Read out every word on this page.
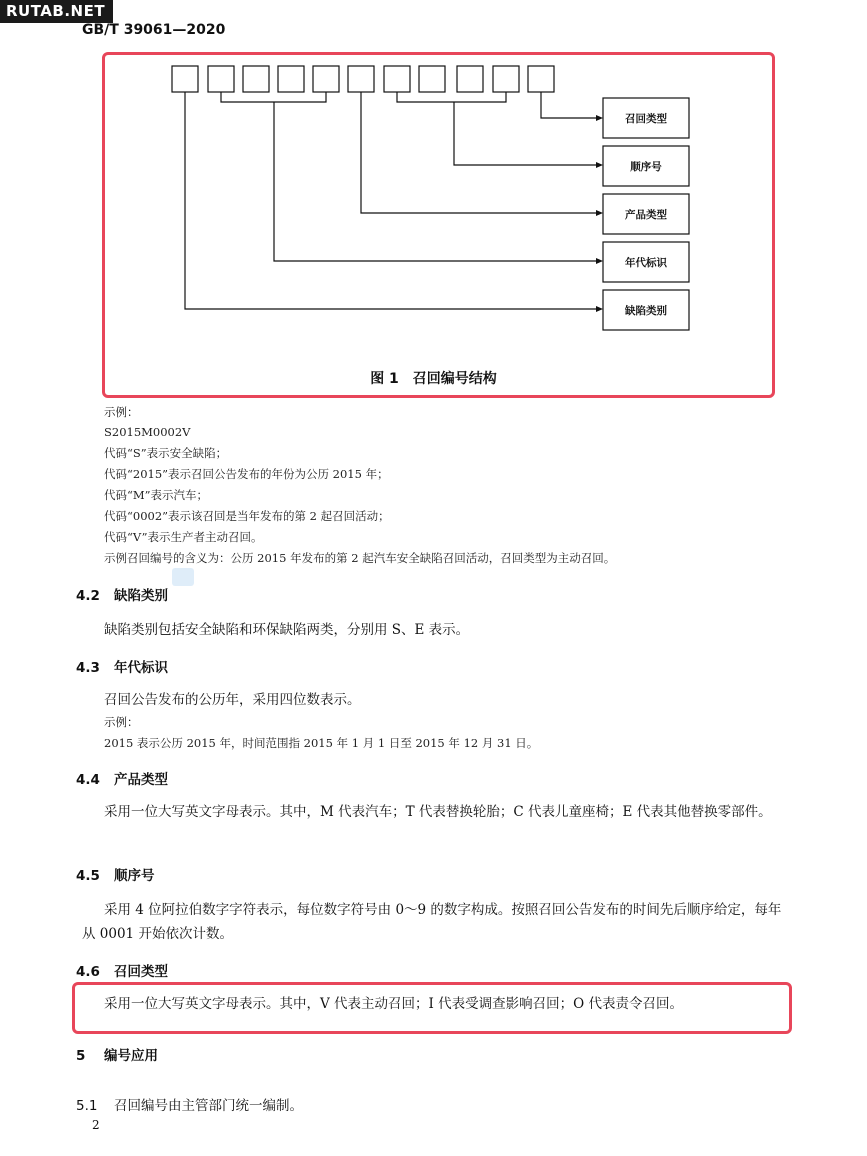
RUTAB.NET
GB/T 39061—2020
召回类型
顺序号
产品类型
年代标识
缺陷类别
图 1　召回编号结构
示例：
S2015M0002V
代码“S”表示安全缺陷；
代码“2015”表示召回公告发布的年份为公历 2015 年；
代码“M”表示汽车；
代码“0002”表示该召回是当年发布的第 2 起召回活动；
代码“V”表示生产者主动召回。
示例召回编号的含义为：公历 2015 年发布的第 2 起汽车安全缺陷召回活动，召回类型为主动召回。
4.2 缺陷类别
缺陷类别包括安全缺陷和环保缺陷两类，分别用 S、E 表示。
4.3 年代标识
召回公告发布的公历年，采用四位数表示。
示例：
2015 表示公历 2015 年，时间范围指 2015 年 1 月 1 日至 2015 年 12 月 31 日。
4.4 产品类型
采用一位大写英文字母表示。其中，M 代表汽车；T 代表替换轮胎；C 代表儿童座椅；E 代表其他替换零部件。
4.5 顺序号
采用 4 位阿拉伯数字字符表示，每位数字符号由 0～9 的数字构成。按照召回公告发布的时间先后顺序给定，每年从 0001 开始依次计数。
4.6 召回类型
采用一位大写英文字母表示。其中，V 代表主动召回；I 代表受调查影响召回；O 代表责令召回。
5 编号应用
5.1 召回编号由主管部门统一编制。
2
